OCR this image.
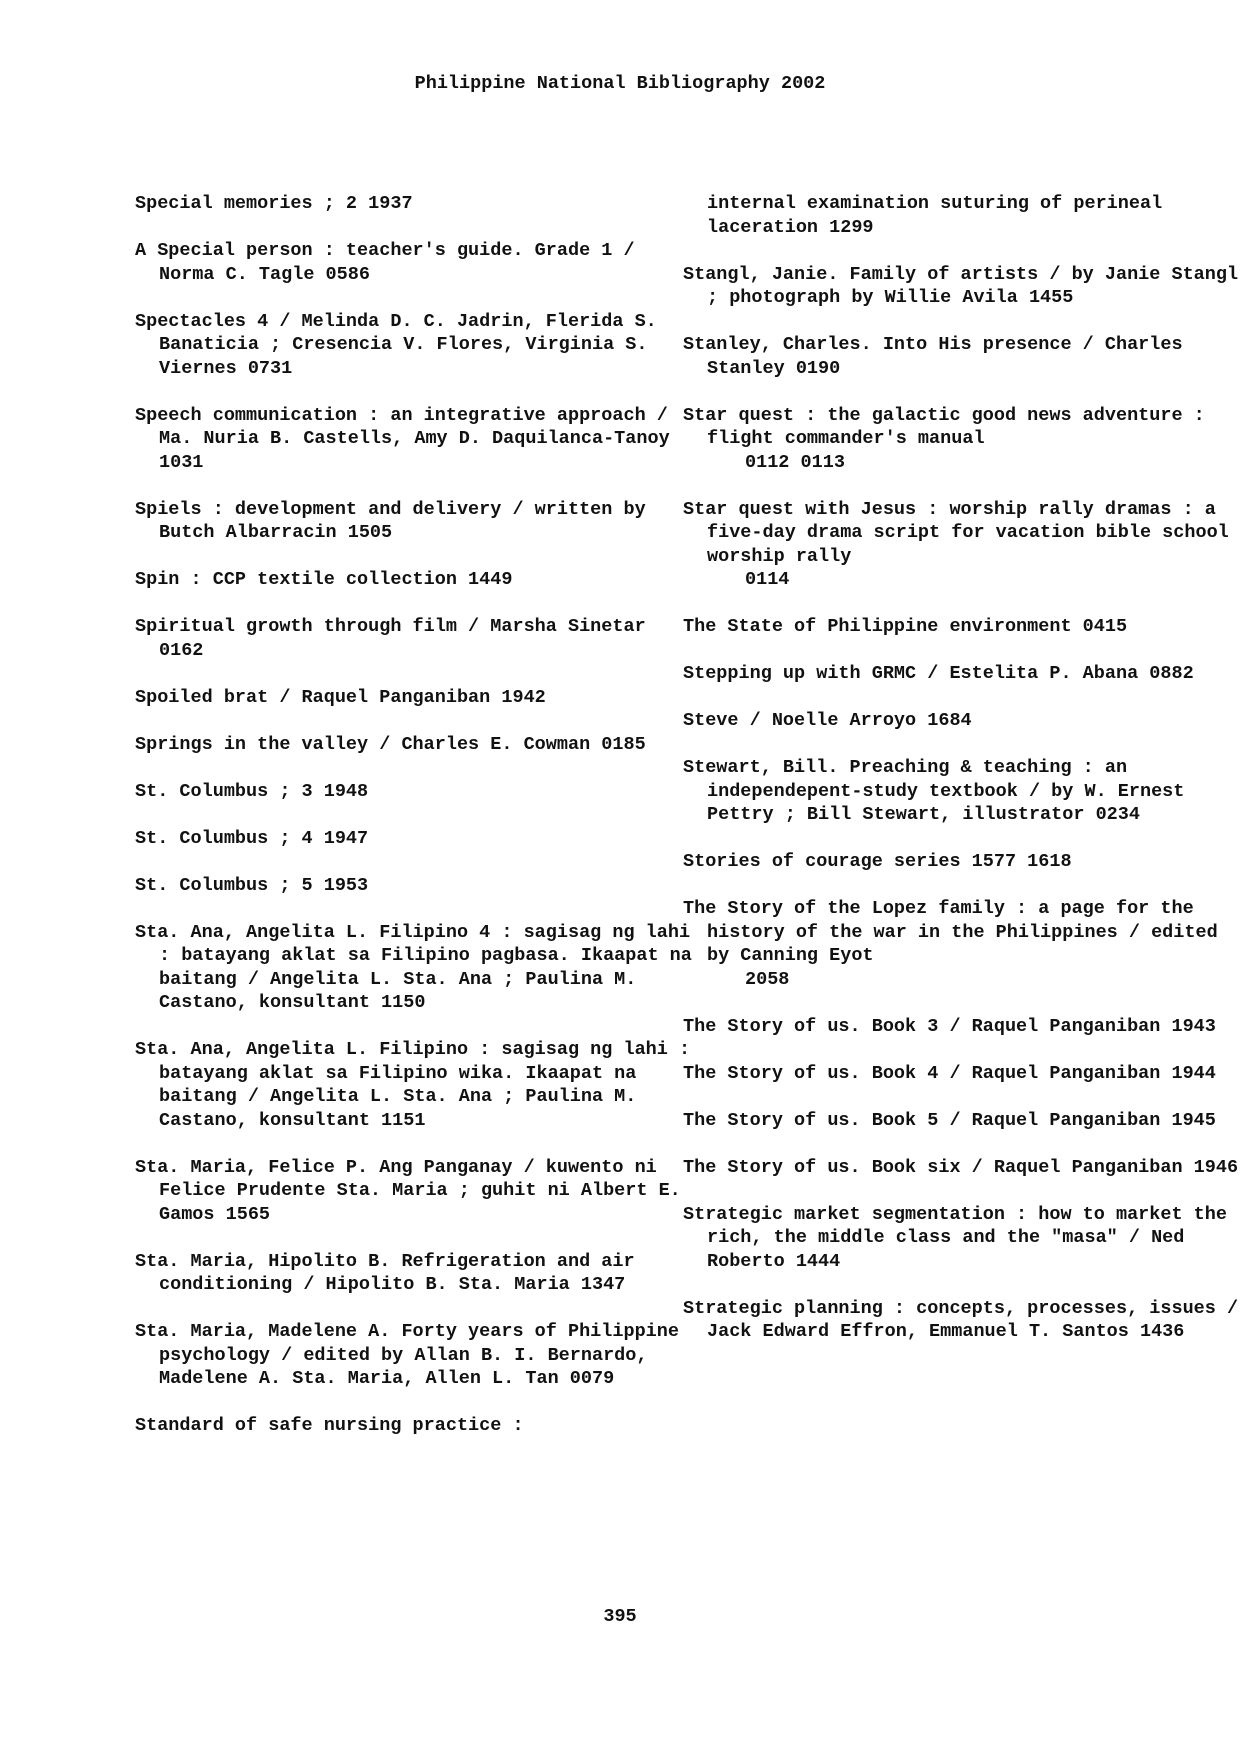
Philippine National Bibliography 2002

Special memories ; 2 1937

A Special person : teacher's guide. Grade 1 / Norma C. Tagle 0586

Spectacles 4 / Melinda D. C. Jadrin, Flerida S. Banaticia ; Cresencia V. Flores, Virginia S. Viernes 0731

Speech communication : an integrative approach / Ma. Nuria B. Castells, Amy D. Daquilanca-Tanoy 1031

Spiels : development and delivery / written by Butch Albarracin 1505

Spin : CCP textile collection 1449

Spiritual growth through film / Marsha Sinetar 0162

Spoiled brat / Raquel Panganiban 1942

Springs in the valley / Charles E. Cowman 0185

St. Columbus ; 3 1948

St. Columbus ; 4 1947

St. Columbus ; 5 1953

Sta. Ana, Angelita L. Filipino 4 : sagisag ng lahi : batayang aklat sa Filipino pagbasa. Ikaapat na baitang / Angelita L. Sta. Ana ; Paulina M. Castano, konsultant 1150

Sta. Ana, Angelita L. Filipino : sagisag ng lahi : batayang aklat sa Filipino wika. Ikaapat na baitang / Angelita L. Sta. Ana ; Paulina M. Castano, konsultant 1151

Sta. Maria, Felice P. Ang Panganay / kuwento ni Felice Prudente Sta. Maria ; guhit ni Albert E. Gamos 1565

Sta. Maria, Hipolito B. Refrigeration and air conditioning / Hipolito B. Sta. Maria 1347

Sta. Maria, Madelene A. Forty years of Philippine psychology / edited by Allan B. I. Bernardo, Madelene A. Sta. Maria, Allen L. Tan 0079

Standard of safe nursing practice :

internal examination suturing of perineal laceration 1299

Stangl, Janie. Family of artists / by Janie Stangl ; photograph by Willie Avila 1455

Stanley, Charles. Into His presence / Charles Stanley 0190

Star quest : the galactic good news adventure : flight commander's manual
0112 0113

Star quest with Jesus : worship rally dramas : a five-day drama script for vacation bible school worship rally
0114

The State of Philippine environment 0415

Stepping up with GRMC / Estelita P. Abana 0882

Steve / Noelle Arroyo 1684

Stewart, Bill. Preaching & teaching : an independepent-study textbook / by W. Ernest Pettry ; Bill Stewart, illustrator 0234

Stories of courage series 1577 1618

The Story of the Lopez family : a page for the history of the war in the Philippines / edited by Canning Eyot
2058

The Story of us. Book 3 / Raquel Panganiban 1943

The Story of us. Book 4 / Raquel Panganiban 1944

The Story of us. Book 5 / Raquel Panganiban 1945

The Story of us. Book six / Raquel Panganiban 1946

Strategic market segmentation : how to market the rich, the middle class and the "masa" / Ned Roberto 1444

Strategic planning : concepts, processes, issues / Jack Edward Effron, Emmanuel T. Santos 1436

395
